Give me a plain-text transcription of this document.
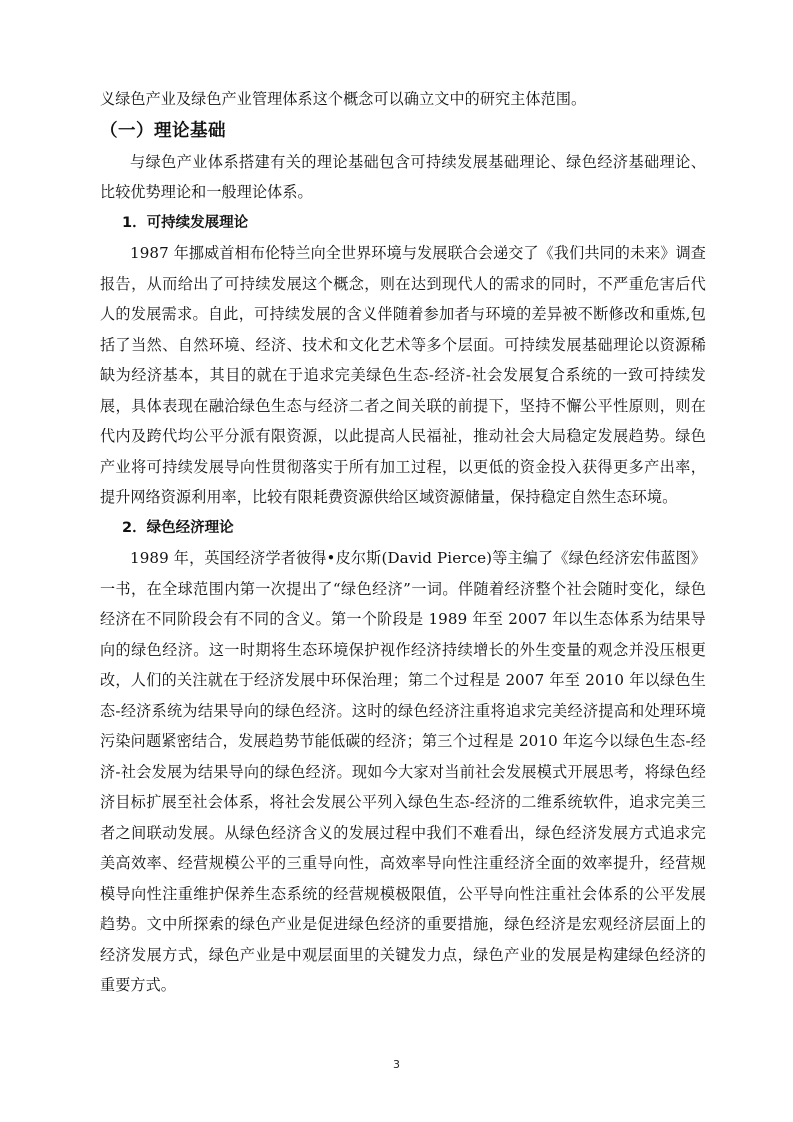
义绿色产业及绿色产业管理体系这个概念可以确立文中的研究主体范围。

（一）理论基础

与绿色产业体系搭建有关的理论基础包含可持续发展基础理论、绿色经济基础理论、比较优势理论和一般理论体系。

1．可持续发展理论

1987 年挪威首相布伦特兰向全世界环境与发展联合会递交了《我们共同的未来》调查报告，从而给出了可持续发展这个概念，则在达到现代人的需求的同时，不严重危害后代人的发展需求。自此，可持续发展的含义伴随着参加者与环境的差异被不断修改和重炼,包括了当然、自然环境、经济、技术和文化艺术等多个层面。可持续发展基础理论以资源稀缺为经济基本，其目的就在于追求完美绿色生态-经济-社会发展复合系统的一致可持续发展，具体表现在融洽绿色生态与经济二者之间关联的前提下，坚持不懈公平性原则，则在代内及跨代均公平分派有限资源，以此提高人民福祉，推动社会大局稳定发展趋势。绿色产业将可持续发展导向性贯彻落实于所有加工过程，以更低的资金投入获得更多产出率，提升网络资源利用率，比较有限耗费资源供给区域资源储量，保持稳定自然生态环境。

2．绿色经济理论

1989 年，英国经济学者彼得•皮尔斯(David Pierce)等主编了《绿色经济宏伟蓝图》一书，在全球范围内第一次提出了“绿色经济”一词。伴随着经济整个社会随时变化，绿色经济在不同阶段会有不同的含义。第一个阶段是 1989 年至 2007 年以生态体系为结果导向的绿色经济。这一时期将生态环境保护视作经济持续增长的外生变量的观念并没压根更改，人们的关注就在于经济发展中环保治理；第二个过程是 2007 年至 2010 年以绿色生态-经济系统为结果导向的绿色经济。这时的绿色经济注重将追求完美经济提高和处理环境污染问题紧密结合，发展趋势节能低碳的经济；第三个过程是 2010 年迄今以绿色生态-经济-社会发展为结果导向的绿色经济。现如今大家对当前社会发展模式开展思考，将绿色经济目标扩展至社会体系，将社会发展公平列入绿色生态-经济的二维系统软件，追求完美三者之间联动发展。从绿色经济含义的发展过程中我们不难看出，绿色经济发展方式追求完美高效率、经营规模公平的三重导向性，高效率导向性注重经济全面的效率提升，经营规模导向性注重维护保养生态系统的经营规模极限值，公平导向性注重社会体系的公平发展趋势。文中所探索的绿色产业是促进绿色经济的重要措施，绿色经济是宏观经济层面上的经济发展方式，绿色产业是中观层面里的关键发力点，绿色产业的发展是构建绿色经济的重要方式。

3
